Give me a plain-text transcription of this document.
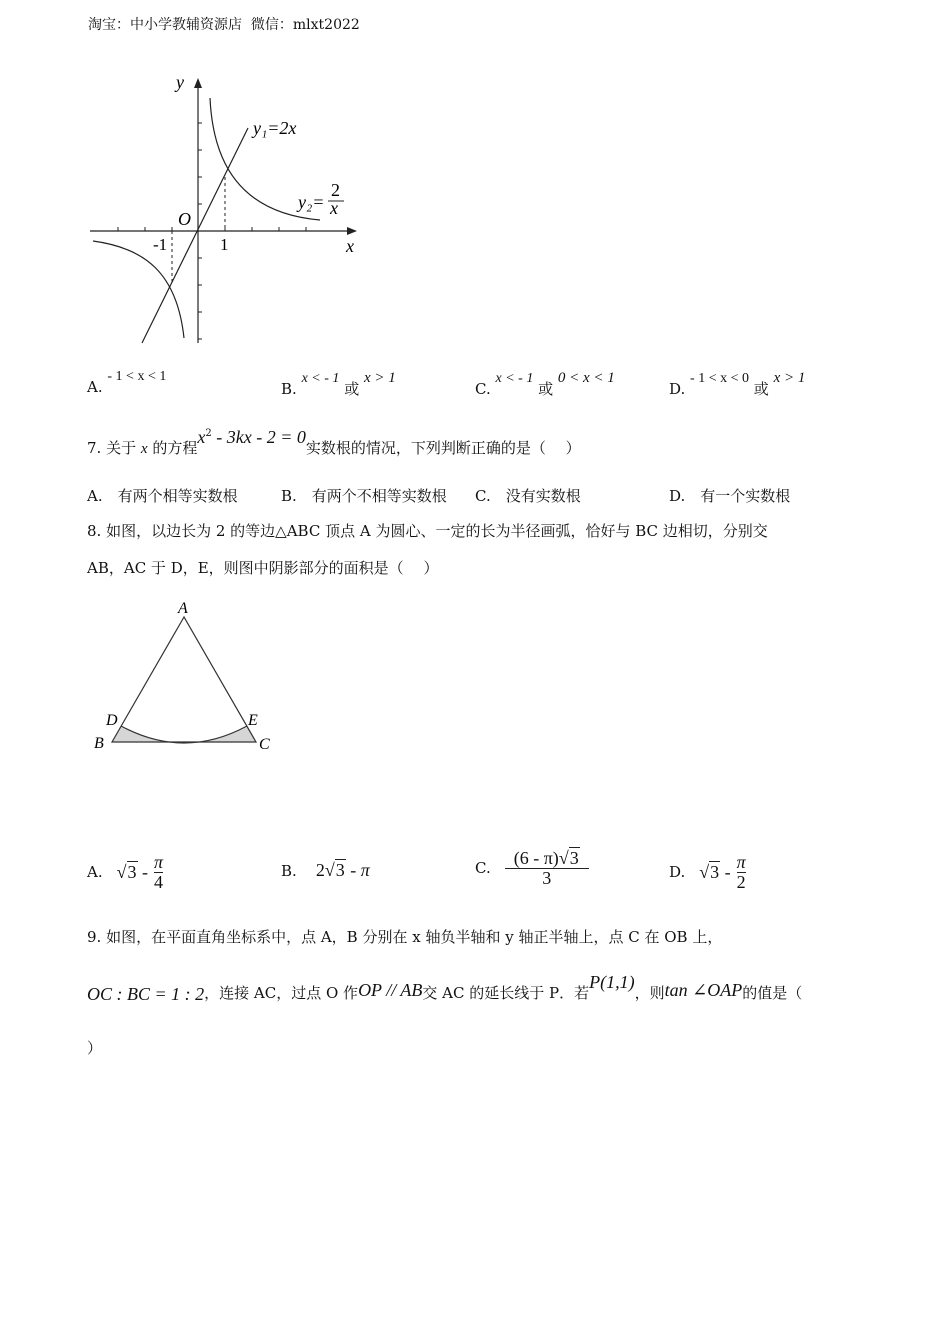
淘宝：中小学教辅资源店 微信：mlxt2022
y
x
O
-1	1
y₁=2x
y₂=
2
x
A. - 1 < x < 1
B. x < - 1 或 x > 1
C. x < - 1 或 0 < x < 1
D. - 1 < x < 0 或 x > 1
7. 关于 x 的方程$x^2 - 3kx - 2 = 0$实数根的情况，下列判断正确的是（　 ）
A.　有两个相等实数根	B.　有两个不相等实数根 C.　没有实数根	D.　有一个实数根
8. 如图，以边长为 2 的等边△ABC 顶点 A 为圆心、一定的长为半径画弧，恰好与 BC 边相切，分别交
AB，AC 于 D，E，则图中阴影部分的面积是（　 ）
A
B	C
D	E
A. $√3 - \frac{\pi}{4}$	B. 2√3 - π	C. $\frac{(6 - \pi)√3}{3}$	D. $√3 - \frac{\pi}{2}$
9. 如图，在平面直角坐标系中，点 A，B 分别在 x 轴负半轴和 y 轴正半轴上，点 C 在 OB 上，
OC : BC = 1 : 2，连接 AC，过点 O 作OP // AB交 AC 的延长线于 P．若P(1,1)，则tan ∠OAP的值是（
）
